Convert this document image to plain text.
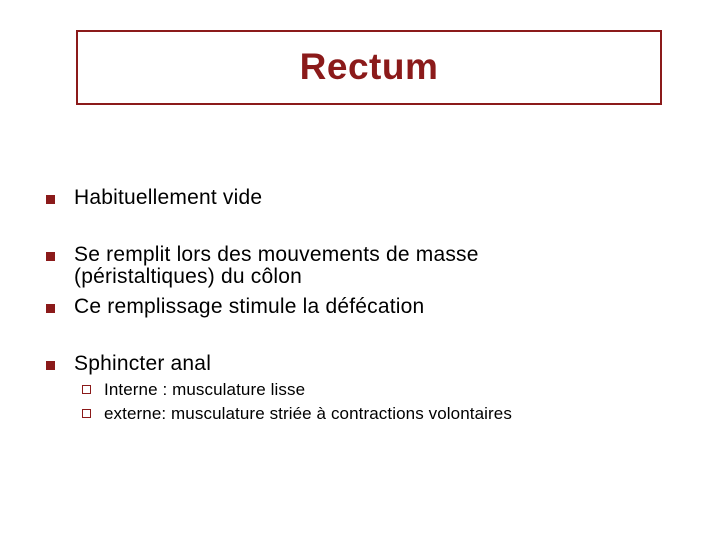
Rectum
Habituellement vide
Se remplit lors des mouvements de masse (péristaltiques) du côlon
Ce remplissage stimule la défécation
Sphincter anal
Interne : musculature lisse
externe: musculature striée à contractions volontaires
